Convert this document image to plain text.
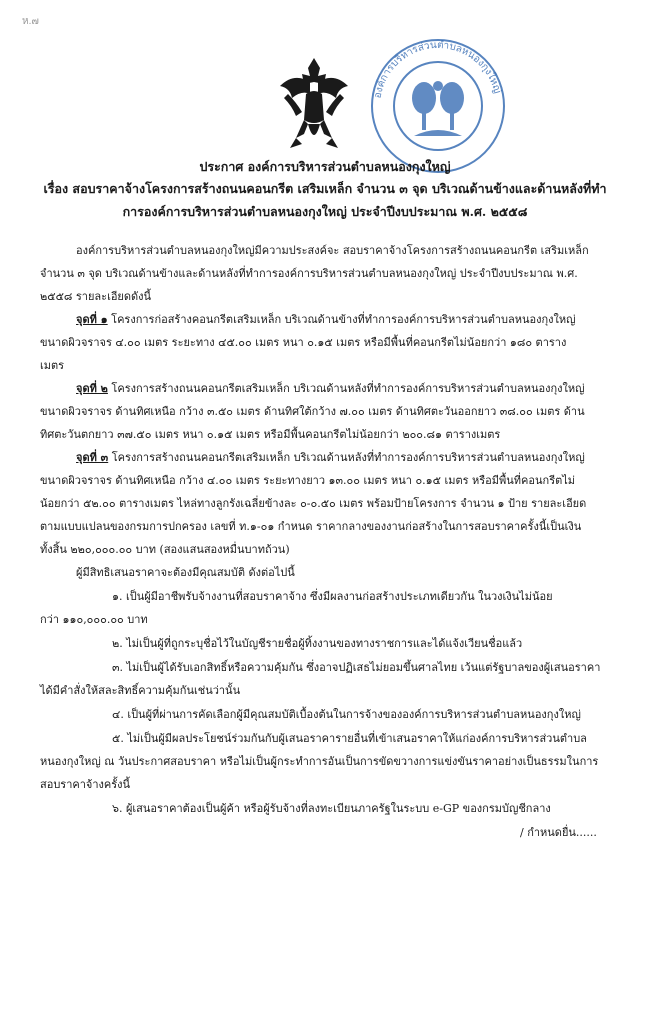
ห.๗
องค์การบริหารส่วนตำบลหนองกุงใหญ่
ประกาศ องค์การบริหารส่วนตำบลหนองกุงใหญ่
เรื่อง สอบราคาจ้างโครงการสร้างถนนคอนกรีต เสริมเหล็ก จำนวน ๓ จุด บริเวณด้านข้างและด้านหลังที่ทำ
การองค์การบริหารส่วนตำบลหนองกุงใหญ่ ประจำปีงบประมาณ พ.ศ. ๒๕๕๘
องค์การบริหารส่วนตำบลหนองกุงใหญ่มีความประสงค์จะ สอบราคาจ้างโครงการสร้างถนนคอนกรีต เสริมเหล็ก
จำนวน ๓ จุด บริเวณด้านข้างและด้านหลังที่ทำการองค์การบริหารส่วนตำบลหนองกุงใหญ่ ประจำปีงบประมาณ พ.ศ.
๒๕๕๘ รายละเอียดดังนี้
จุดที่ ๑ โครงการก่อสร้างคอนกรีตเสริมเหล็ก บริเวณด้านข้างที่ทำการองค์การบริหารส่วนตำบลหนองกุงใหญ่
ขนาดผิวจราจร ๔.๐๐ เมตร ระยะทาง ๔๕.๐๐ เมตร หนา ๐.๑๕ เมตร หรือมีพื้นที่คอนกรีตไม่น้อยกว่า ๑๘๐ ตาราง
เมตร
จุดที่ ๒ โครงการสร้างถนนคอนกรีตเสริมเหล็ก บริเวณด้านหลังที่ทำการองค์การบริหารส่วนตำบลหนองกุงใหญ่
ขนาดผิวจราจร ด้านทิศเหนือ กว้าง ๓.๕๐ เมตร ด้านทิศใต้กว้าง ๗.๐๐ เมตร ด้านทิศตะวันออกยาว ๓๘.๐๐ เมตร ด้าน
ทิศตะวันตกยาว ๓๗.๕๐ เมตร หนา ๐.๑๕ เมตร หรือมีพื้นคอนกรีตไม่น้อยกว่า ๒๐๐.๘๑ ตารางเมตร
จุดที่ ๓ โครงการสร้างถนนคอนกรีตเสริมเหล็ก บริเวณด้านหลังที่ทำการองค์การบริหารส่วนตำบลหนองกุงใหญ่
ขนาดผิวจราจร ด้านทิศเหนือ กว้าง ๔.๐๐ เมตร ระยะทางยาว ๑๓.๐๐ เมตร หนา ๐.๑๕ เมตร หรือมีพื้นที่คอนกรีตไม่
น้อยกว่า ๕๒.๐๐ ตารางเมตร ไหล่ทางลูกรังเฉลี่ยข้างละ ๐-๐.๕๐ เมตร พร้อมป้ายโครงการ จำนวน ๑ ป้าย รายละเอียด
ตามแบบแปลนของกรมการปกครอง เลขที่ ท.๑-๐๑ กำหนด ราคากลางของงานก่อสร้างในการสอบราคาครั้งนี้เป็นเงิน
ทั้งสิ้น ๒๒๐,๐๐๐.๐๐ บาท (สองแสนสองหมื่นบาทถ้วน)
ผู้มีสิทธิเสนอราคาจะต้องมีคุณสมบัติ ดังต่อไปนี้
๑. เป็นผู้มีอาชีพรับจ้างงานที่สอบราคาจ้าง ซึ่งมีผลงานก่อสร้างประเภทเดียวกัน ในวงเงินไม่น้อย
กว่า ๑๑๐,๐๐๐.๐๐ บาท
๒. ไม่เป็นผู้ที่ถูกระบุชื่อไว้ในบัญชีรายชื่อผู้ทิ้งงานของทางราชการและได้แจ้งเวียนชื่อแล้ว
๓. ไม่เป็นผู้ได้รับเอกสิทธิ์หรือความคุ้มกัน ซึ่งอาจปฏิเสธไม่ยอมขึ้นศาลไทย เว้นแต่รัฐบาลของผู้เสนอราคา
ได้มีคำสั่งให้สละสิทธิ์ความคุ้มกันเช่นว่านั้น
๔. เป็นผู้ที่ผ่านการคัดเลือกผู้มีคุณสมบัติเบื้องต้นในการจ้างขององค์การบริหารส่วนตำบลหนองกุงใหญ่
๕. ไม่เป็นผู้มีผลประโยชน์ร่วมกันกับผู้เสนอราคารายอื่นที่เข้าเสนอราคาให้แก่องค์การบริหารส่วนตำบล
หนองกุงใหญ่ ณ วันประกาศสอบราคา หรือไม่เป็นผู้กระทำการอันเป็นการขัดขวางการแข่งขันราคาอย่างเป็นธรรมในการ
สอบราคาจ้างครั้งนี้
๖. ผู้เสนอราคาต้องเป็นผู้ค้า หรือผู้รับจ้างที่ลงทะเบียนภาครัฐในระบบ e-GP ของกรมบัญชีกลาง
/ กำหนดยื่น......
